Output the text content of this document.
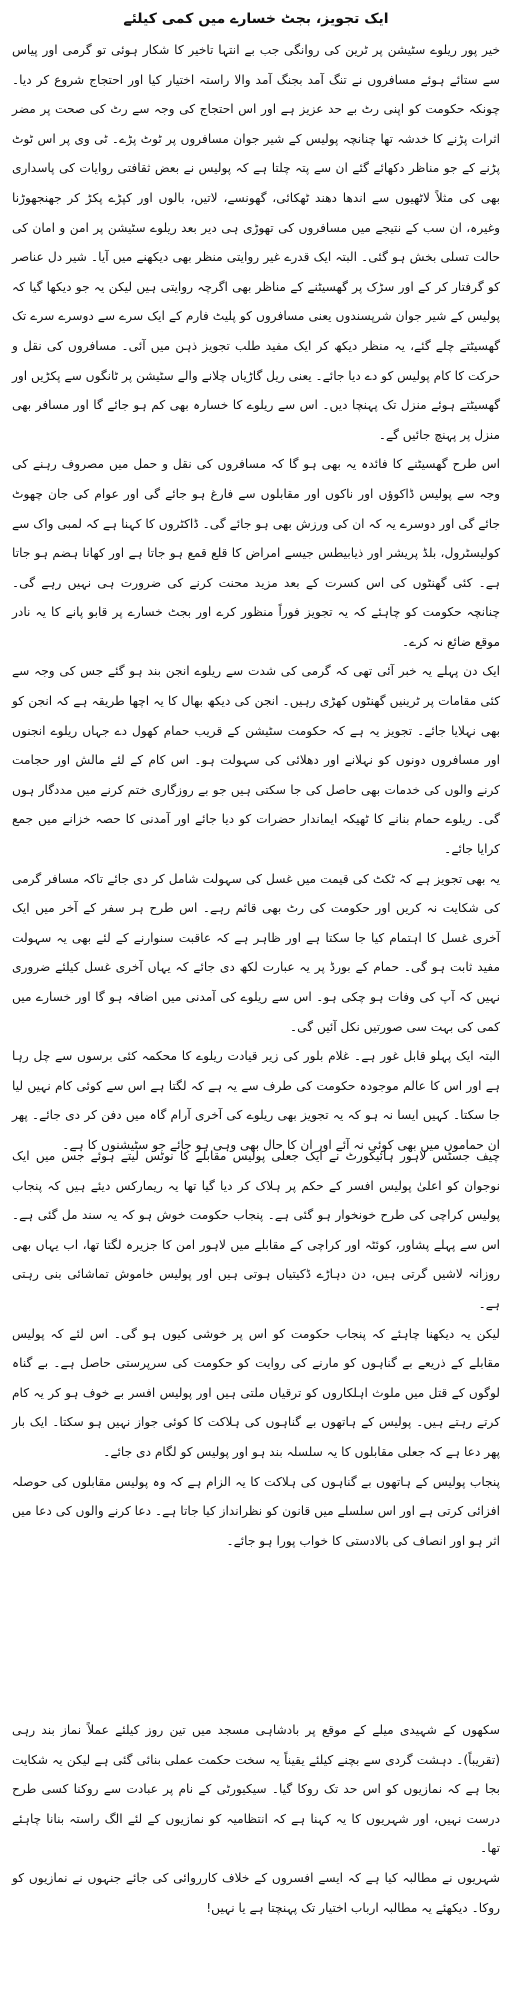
ایک تجویز، بجٹ خسارے میں کمی کیلئے

خیر پور ریلوے سٹیشن پر ٹرین کی روانگی جب بے انتہا تاخیر کا شکار ہوئی تو گرمی اور پیاس سے ستائے ہوئے مسافروں نے تنگ آمد بجنگ آمد والا راستہ اختیار کیا اور احتجاج شروع کر دیا۔ چونکہ حکومت کو اپنی رٹ بے حد عزیز ہے اور اس احتجاج کی وجہ سے رٹ کی صحت پر مضر اثرات پڑنے کا خدشہ تھا چنانچہ پولیس کے شیر جوان مسافروں پر ٹوٹ پڑے۔ ٹی وی پر اس ٹوٹ پڑنے کے جو مناظر دکھائے گئے ان سے پتہ چلتا ہے کہ پولیس نے بعض ثقافتی روایات کی پاسداری بھی کی مثلاً لاٹھیوں سے اندھا دھند ٹھکائی، گھونسے، لاتیں، بالوں اور کپڑے پکڑ کر جھنجھوڑنا وغیرہ، ان سب کے نتیجے میں مسافروں کی تھوڑی ہی دیر بعد ریلوے سٹیشن پر امن و امان کی حالت تسلی بخش ہو گئی۔ البتہ ایک قدرے غیر روایتی منظر بھی دیکھنے میں آیا۔ شیر دل عناصر کو گرفتار کر کے اور سڑک پر گھسیٹنے کے مناظر بھی اگرچہ روایتی ہیں لیکن یہ جو دیکھا گیا کہ پولیس کے شیر جوان شرپسندوں یعنی مسافروں کو پلیٹ فارم کے ایک سرے سے دوسرے سرے تک گھسیٹتے چلے گئے، یہ منظر دیکھ کر ایک مفید طلب تجویز ذہن میں آئی۔ مسافروں کی نقل و حرکت کا کام پولیس کو دے دیا جائے۔ یعنی ریل گاڑیاں چلانے والے سٹیشن پر ٹانگوں سے پکڑیں اور گھسیٹتے ہوئے منزل تک پہنچا دیں۔ اس سے ریلوے کا خسارہ بھی کم ہو جائے گا اور مسافر بھی منزل پر پہنچ جائیں گے۔

اس طرح گھسیٹنے کا فائدہ یہ بھی ہو گا کہ مسافروں کی نقل و حمل میں مصروف رہنے کی وجہ سے پولیس ڈاکوؤں اور ناکوں اور مقابلوں سے فارغ ہو جائے گی اور عوام کی جان چھوٹ جائے گی اور دوسرے یہ کہ ان کی ورزش بھی ہو جائے گی۔ ڈاکٹروں کا کہنا ہے کہ لمبی واک سے کولیسٹرول، بلڈ پریشر اور ذیابیطس جیسے امراض کا قلع قمع ہو جاتا ہے اور کھانا ہضم ہو جاتا ہے۔ کئی گھنٹوں کی اس کسرت کے بعد مزید محنت کرنے کی ضرورت ہی نہیں رہے گی۔ چنانچہ حکومت کو چاہئے کہ یہ تجویز فوراً منظور کرے اور بجٹ خسارے پر قابو پانے کا یہ نادر موقع ضائع نہ کرے۔

ایک دن پہلے یہ خبر آئی تھی کہ گرمی کی شدت سے ریلوے انجن بند ہو گئے جس کی وجہ سے کئی مقامات پر ٹرینیں گھنٹوں کھڑی رہیں۔ انجن کی دیکھ بھال کا یہ اچھا طریقہ ہے کہ انجن کو بھی نہلایا جائے۔ تجویز یہ ہے کہ حکومت سٹیشن کے قریب حمام کھول دے جہاں ریلوے انجنوں اور مسافروں دونوں کو نہلانے اور دھلائی کی سہولت ہو۔ اس کام کے لئے مالش اور حجامت کرنے والوں کی خدمات بھی حاصل کی جا سکتی ہیں جو بے روزگاری ختم کرنے میں مددگار ہوں گی۔ ریلوے حمام بنانے کا ٹھیکہ ایماندار حضرات کو دیا جائے اور آمدنی کا حصہ خزانے میں جمع کرایا جائے۔

یہ بھی تجویز ہے کہ ٹکٹ کی قیمت میں غسل کی سہولت شامل کر دی جائے تاکہ مسافر گرمی کی شکایت نہ کریں اور حکومت کی رٹ بھی قائم رہے۔ اس طرح ہر سفر کے آخر میں ایک آخری غسل کا اہتمام کیا جا سکتا ہے اور ظاہر ہے کہ عاقبت سنوارنے کے لئے بھی یہ سہولت مفید ثابت ہو گی۔ حمام کے بورڈ پر یہ عبارت لکھ دی جائے کہ یہاں آخری غسل کیلئے ضروری نہیں کہ آپ کی وفات ہو چکی ہو۔ اس سے ریلوے کی آمدنی میں اضافہ ہو گا اور خسارے میں کمی کی بہت سی صورتیں نکل آئیں گی۔

البتہ ایک پہلو قابل غور ہے۔ غلام بلور کی زیر قیادت ریلوے کا محکمہ کئی برسوں سے چل رہا ہے اور اس کا عالم موجودہ حکومت کی طرف سے یہ ہے کہ لگتا ہے اس سے کوئی کام نہیں لیا جا سکتا۔ کہیں ایسا نہ ہو کہ یہ تجویز بھی ریلوے کی آخری آرام گاہ میں دفن کر دی جائے۔ پھر ان حماموں میں بھی کوئی نہ آئے اور ان کا حال بھی وہی ہو جائے جو سٹیشنوں کا ہے۔

چیف جسٹس لاہور ہائیکورٹ نے ایک جعلی پولیس مقابلے کا نوٹس لیتے ہوئے جس میں ایک نوجوان کو اعلیٰ پولیس افسر کے حکم پر ہلاک کر دیا گیا تھا یہ ریمارکس دیئے ہیں کہ پنجاب پولیس کراچی کی طرح خونخوار ہو گئی ہے۔ پنجاب حکومت خوش ہو کہ یہ سند مل گئی ہے۔ اس سے پہلے پشاور، کوئٹہ اور کراچی کے مقابلے میں لاہور امن کا جزیرہ لگتا تھا، اب یہاں بھی روزانہ لاشیں گرتی ہیں، دن دہاڑے ڈکیتیاں ہوتی ہیں اور پولیس خاموش تماشائی بنی رہتی ہے۔

لیکن یہ دیکھنا چاہئے کہ پنجاب حکومت کو اس پر خوشی کیوں ہو گی۔ اس لئے کہ پولیس مقابلے کے ذریعے بے گناہوں کو مارنے کی روایت کو حکومت کی سرپرستی حاصل ہے۔ بے گناہ لوگوں کے قتل میں ملوث اہلکاروں کو ترقیاں ملتی ہیں اور پولیس افسر بے خوف ہو کر یہ کام کرتے رہتے ہیں۔ پولیس کے ہاتھوں بے گناہوں کی ہلاکت کا کوئی جواز نہیں ہو سکتا۔ ایک بار پھر دعا ہے کہ جعلی مقابلوں کا یہ سلسلہ بند ہو اور پولیس کو لگام دی جائے۔

پنجاب پولیس کے ہاتھوں بے گناہوں کی ہلاکت کا یہ الزام ہے کہ وہ پولیس مقابلوں کی حوصلہ افزائی کرتی ہے اور اس سلسلے میں قانون کو نظرانداز کیا جاتا ہے۔ دعا کرنے والوں کی دعا میں اثر ہو اور انصاف کی بالادستی کا خواب پورا ہو جائے۔

سکھوں کے شہیدی میلے کے موقع پر بادشاہی مسجد میں تین روز کیلئے عملاً نماز بند رہی (تقریباً)۔ دہشت گردی سے بچنے کیلئے یقیناً یہ سخت حکمت عملی بنائی گئی ہے لیکن یہ شکایت بجا ہے کہ نمازیوں کو اس حد تک روکا گیا۔ سیکیورٹی کے نام پر عبادت سے روکنا کسی طرح درست نہیں، اور شہریوں کا یہ کہنا ہے کہ انتظامیہ کو نمازیوں کے لئے الگ راستہ بنانا چاہئے تھا۔

شہریوں نے مطالبہ کیا ہے کہ ایسے افسروں کے خلاف کارروائی کی جائے جنہوں نے نمازیوں کو روکا۔ دیکھئے یہ مطالبہ ارباب اختیار تک پہنچتا ہے یا نہیں!
